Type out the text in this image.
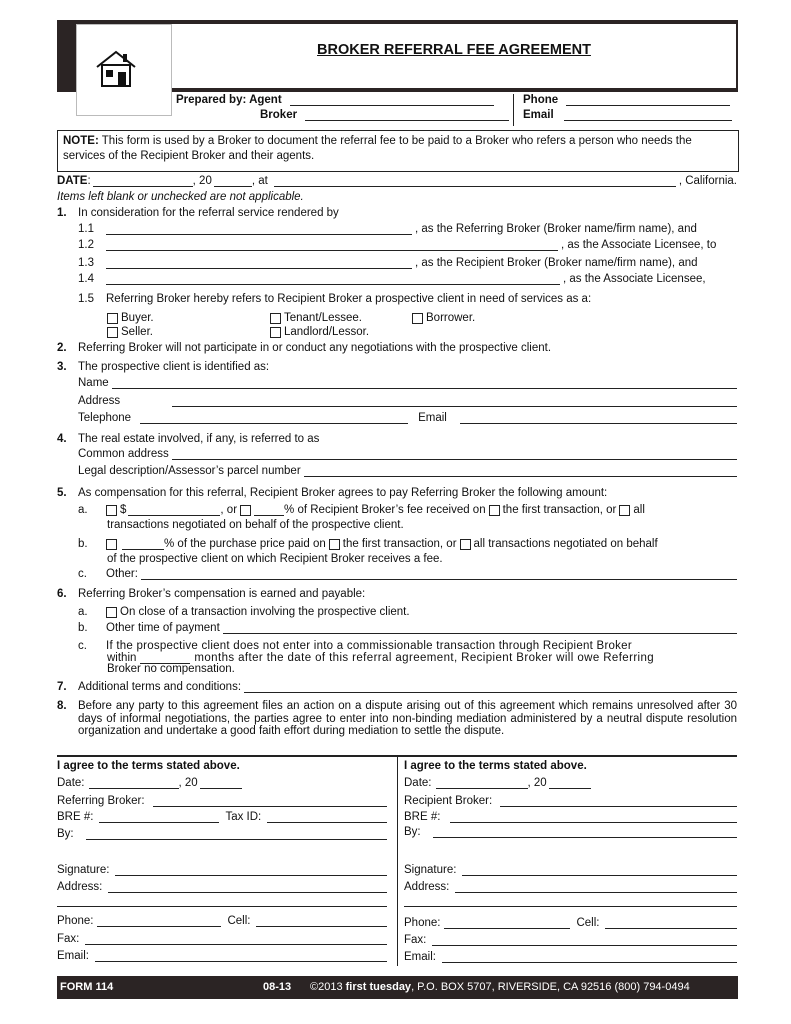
BROKER REFERRAL FEE AGREEMENT
Prepared by: Agent
Broker
Phone
Email
NOTE: This form is used by a Broker to document the referral fee to be paid to a Broker who refers a person who needs the services of the Recipient Broker and their agents.
DATE :	, 20	, at	, California.
Items left blank or unchecked are not applicable.
1. In consideration for the referral service rendered by
1.1	, as the Referring Broker (Broker name/firm name), and
1.2	, as the Associate Licensee, to
1.3	, as the Recipient Broker (Broker name/firm name), and
1.4	, as the Associate Licensee,
1.5	Referring Broker hereby refers to Recipient Broker a prospective client in need of services as a:
Buyer.	Tenant/Lessee.	Borrower.
Seller.	Landlord/Lessor.
2. Referring Broker will not participate in or conduct any negotiations with the prospective client.
3. The prospective client is identified as:
Name
Address
Telephone	Email
4. The real estate involved, if any, is referred to as
Common address
Legal description/Assessor’s parcel number
5. As compensation for this referral, Recipient Broker agrees to pay Referring Broker the following amount:
a.	$	, or	% of Recipient Broker’s fee received on the first transaction, or all
transactions negotiated on behalf of the prospective client.
b.	% of the purchase price paid on the first transaction, or all transactions negotiated on behalf
of the prospective client on which Recipient Broker receives a fee.
c.	Other:
6. Referring Broker’s compensation is earned and payable:
a.	On close of a transaction involving the prospective client.
b.	Other time of payment
c.	If the prospective client does not enter into a commissionable transaction through Recipient Broker
within	months after the date of this referral agreement, Recipient Broker will owe Referring
Broker no compensation.
7. Additional terms and conditions:
8. Before any party to this agreement files an action on a dispute arising out of this agreement which remains unresolved after 30 days of informal negotiations, the parties agree to enter into non-binding mediation administered by a neutral dispute resolution organization and undertake a good faith effort during mediation to settle the dispute.
I agree to the terms stated above.
Date:	, 20
Referring Broker:
BRE #:	Tax ID:
By:
Signature:
Address:
Phone:	Cell:
Fax:
Email:
I agree to the terms stated above.
Date:	, 20
Recipient Broker:
BRE #:
By:
Signature:
Address:
Phone:	Cell:
Fax:
Email:
FORM 114	08-13 ©2013 first tuesday, P.O. BOX 5707, RIVERSIDE, CA 92516 (800) 794-0494
